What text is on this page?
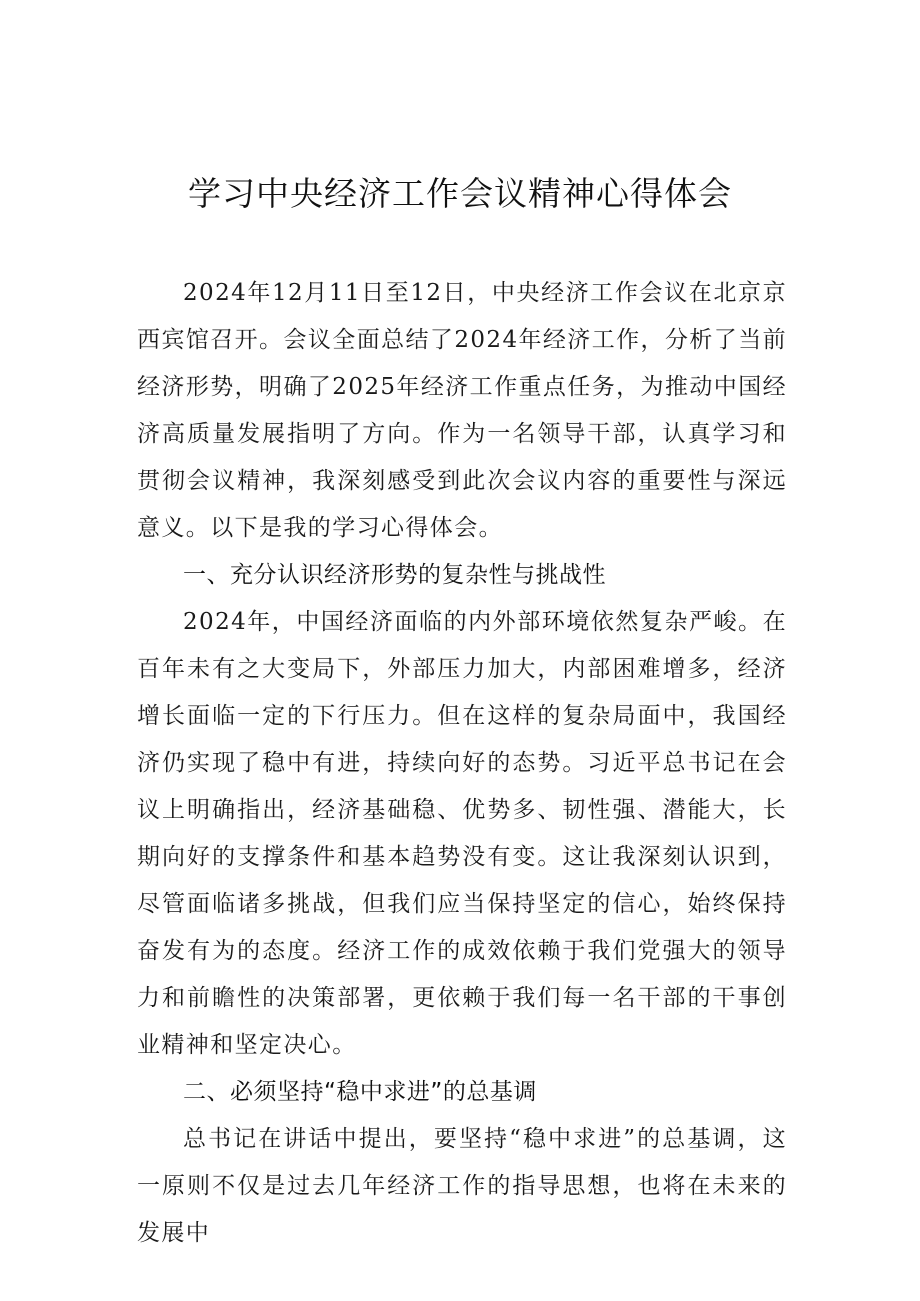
学习中央经济工作会议精神心得体会

2024年12月11日至12日，中央经济工作会议在北京京西宾馆召开。会议全面总结了2024年经济工作，分析了当前经济形势，明确了2025年经济工作重点任务，为推动中国经济高质量发展指明了方向。作为一名领导干部，认真学习和贯彻会议精神，我深刻感受到此次会议内容的重要性与深远意义。以下是我的学习心得体会。

一、充分认识经济形势的复杂性与挑战性

2024年，中国经济面临的内外部环境依然复杂严峻。在百年未有之大变局下，外部压力加大，内部困难增多，经济增长面临一定的下行压力。但在这样的复杂局面中，我国经济仍实现了稳中有进，持续向好的态势。习近平总书记在会议上明确指出，经济基础稳、优势多、韧性强、潜能大，长期向好的支撑条件和基本趋势没有变。这让我深刻认识到，尽管面临诸多挑战，但我们应当保持坚定的信心，始终保持奋发有为的态度。经济工作的成效依赖于我们党强大的领导力和前瞻性的决策部署，更依赖于我们每一名干部的干事创业精神和坚定决心。

二、必须坚持“稳中求进”的总基调

总书记在讲话中提出，要坚持“稳中求进”的总基调，这一原则不仅是过去几年经济工作的指导思想，也将在未来的发展中
